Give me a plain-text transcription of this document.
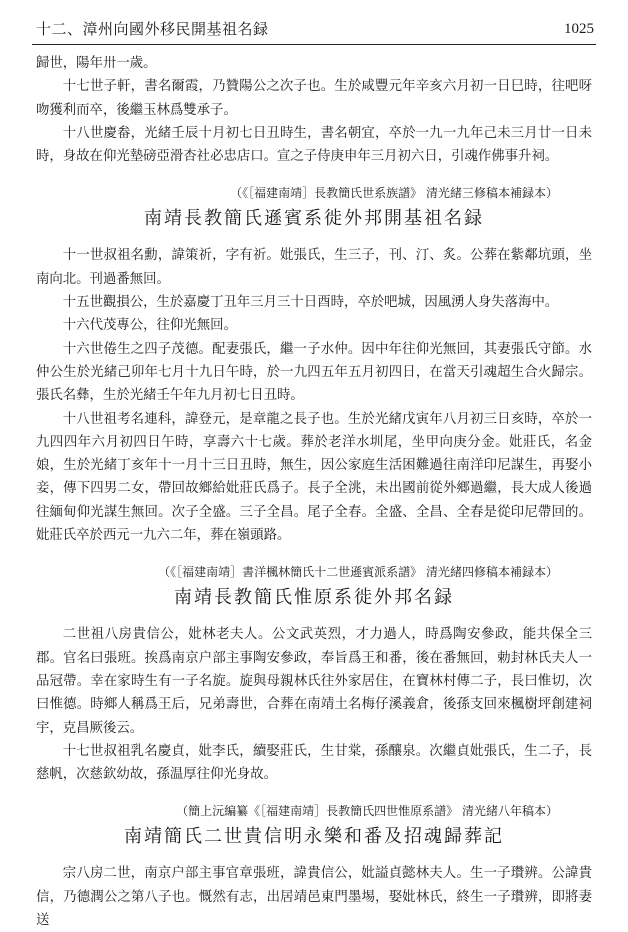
十二、漳州向國外移民開基祖名録	1025

歸世，陽年卅一歲。

十七世子軒，書名爾霞，乃贊陽公之次子也。生於咸豐元年辛亥六月初一日巳時，往吧呀吻獲利而卒，後繼玉林爲雙承子。

十八世慶畚，光緒壬辰十月初七日丑時生，書名朝宜，卒於一九一九年己未三月廿一日未時，身故在仰光墊磅亞滑杏社必忠店口。宣之子侍庚申年三月初六日，引魂作佛事升祠。

（《［福建南靖］長教簡氏世系族譜》 清光緒三修稿本補録本）
南靖長教簡氏遜賓系徙外邦開基祖名録

十一世叔祖名勳，諱策祈，字有祈。妣張氏，生三子，刊、汀、炙。公葬在紫鄰坑頭，坐南向北。刊過番無回。

十五世觀損公，生於嘉慶丁丑年三月三十日酉時，卒於吧城，因風湧人身失落海中。

十六代茂專公，往仰光無回。

十六世倦生之四子茂德。配妻張氏，繼一子水仲。因中年往仰光無回，其妻張氏守節。水仲公生於光緒己卯年七月十九日午時，於一九四五年五月初四日，在當天引魂超生合火歸宗。張氏名彝，生於光緒壬午年九月初七日丑時。

十八世祖考名連科，諱登元，是章龍之長子也。生於光緒戊寅年八月初三日亥時，卒於一九四四年六月初四日午時，享壽六十七歲。葬於老洋水圳尾，坐甲向庚分金。妣莊氏，名金娘，生於光緒丁亥年十一月十三日丑時，無生，因公家庭生活困難過往南洋印尼謀生，再娶小妾，傳下四男二女，帶回故鄉給妣莊氏爲子。長子全洮，未出國前從外鄉過繼，長大成人後過往緬甸仰光謀生無回。次子全盛。三子全昌。尾子全春。全盛、全昌、全春是從印尼帶回的。妣莊氏卒於西元一九六二年，葬在嶺頭路。

（《［福建南靖］書洋楓林簡氏十二世遜賓派系譜》 清光緒四修稿本補録本）
南靖長教簡氏惟原系徙外邦名録

二世祖八房貴信公，妣林老夫人。公文武英烈，才力過人，時爲陶安參政，能共保全三郡。官名曰張班。挨爲南京户部主事陶安參政，奉旨爲王和番，後在番無回，勅封林氏夫人一品冠帶。幸在家時生有一子名旋。旋與母親林氏往外家居住，在寶林村傳二子，長曰惟切，次曰惟德。時鄉人稱爲王后，兄弟壽世，合葬在南靖土名梅仔溪義倉，後孫支回來楓樹坪創建祠宇，克昌厥後云。

十七世叔祖乳名慶貞，妣李氏，續娶莊氏，生甘棠，孫釀泉。次繼貞妣張氏，生二子，長慈帆，次慈欽幼故，孫温厚往仰光身故。

（簡上沅編纂《［福建南靖］長教簡氏四世惟原系譜》 清光緒八年稿本）
南靖簡氏二世貴信明永樂和番及招魂歸葬記

宗八房二世，南京户部主事官章張班，諱貴信公，妣謚貞懿林夫人。生一子瓚辨。公諱貴信，乃德潤公之第八子也。慨然有志，出居靖邑東門墨埸，娶妣林氏，終生一子瓚辨，即將妻送
